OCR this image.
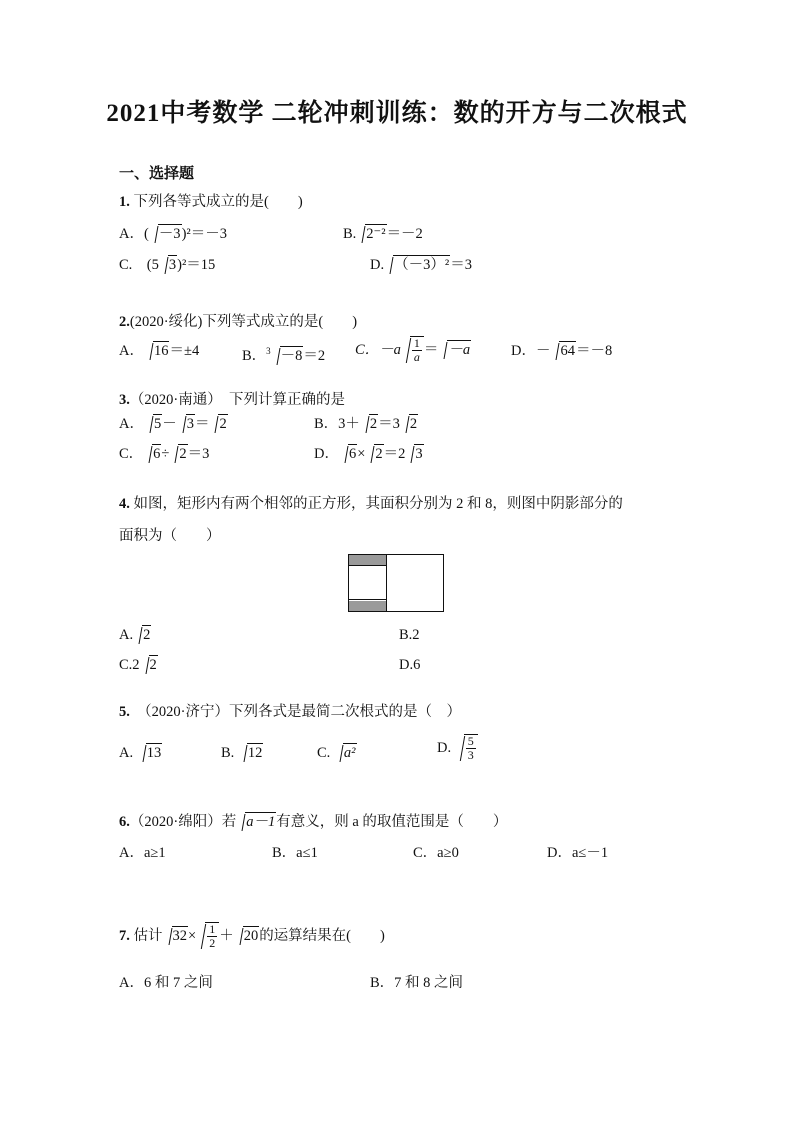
2021中考数学 二轮冲刺训练：数的开方与二次根式
一、选择题
1. 下列各等式成立的是(　　)
A．( －3)²＝－3	B. 2⁻²＝－2
C.　(5 3)²＝15	D. （－3）²＝3
2.(2020·绥化)下列等式成立的是(　　)
A． 16＝±4	B．$^3$ －8＝2 C．$-a \frac{1}{a} = -a$	D．－ 64＝－8
3.（2020·南通）　下列计算正确的是
A． 5－ 3＝ 2	B．3＋ 2＝3 2
C． 6÷ 2＝3	D． 6× 2＝2 3
4. 如图，矩形内有两个相邻的正方形，其面积分别为 2 和 8，则图中阴影部分的
面积为（　　）
A. 2	B.2
C.2 2	D.6
5.　（2020·济宁）下列各式是最简二次根式的是（　）
A. 13	B. 12	C. a²	D. $\frac{5}{3}$
6.（2020·绵阳）若 a－1有意义，则 a 的取值范围是（　　）
A．a≥1	B．a≤1	C．a≥0	D．a≤－1
7. 估计 $32\times \frac{1}{2} + 20$的运算结果在(　　)
A．6 和 7 之间	B．7 和 8 之间
